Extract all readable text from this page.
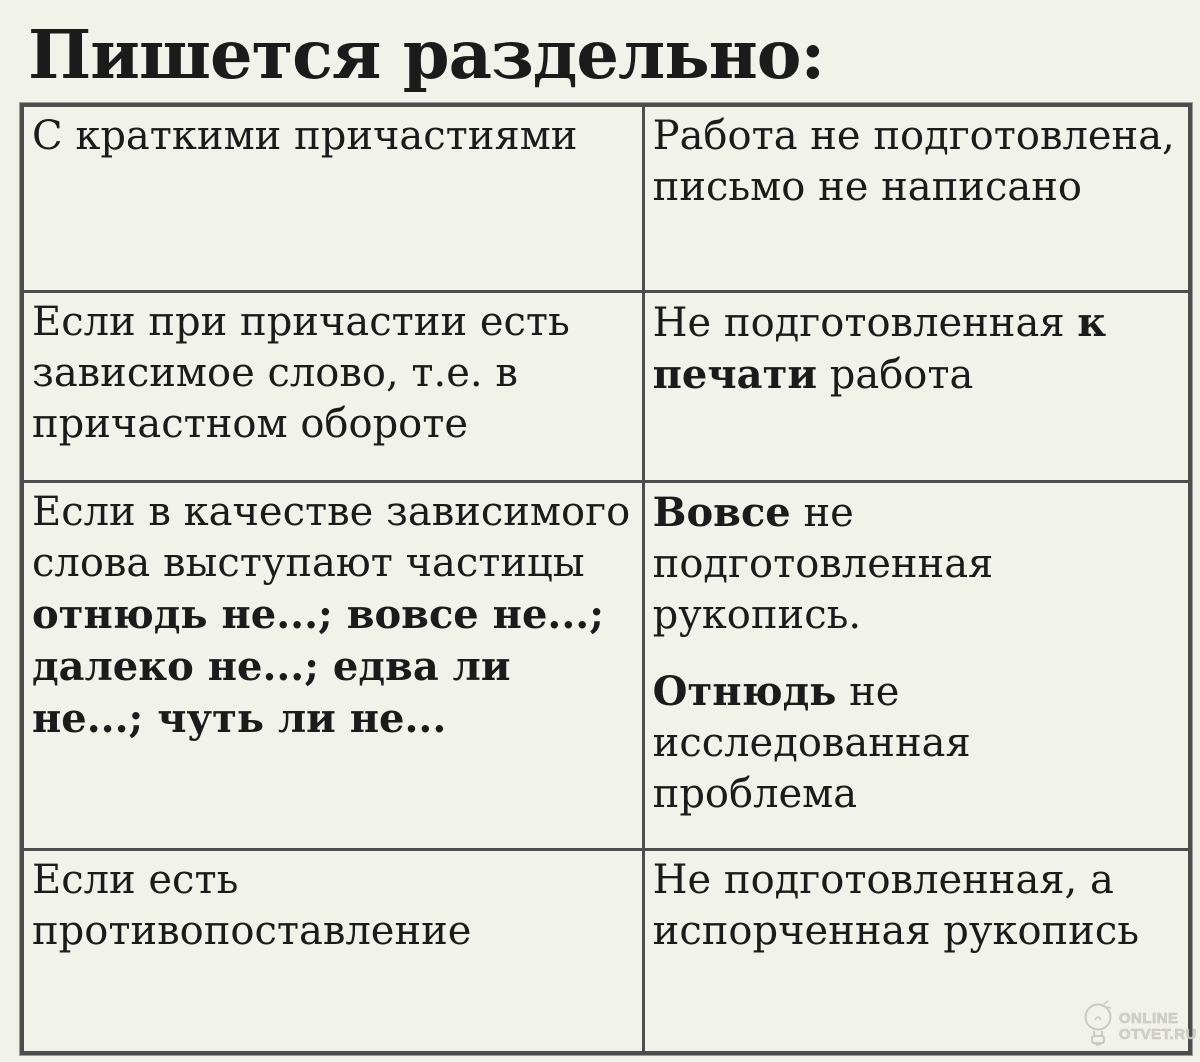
Пишется раздельно:

С краткими причастиями	Работа не подготовлена, письмо не написано

Если при причастии есть зависимое слово, т.е. в причастном обороте	Не подготовленная к печати работа

Если в качестве зависимого слова выступают частицы отнюдь не...; вовсе не...; далеко не...; едва ли не...; чуть ли не...	Вовсе не подготовленная рукопись.

Отнюдь не исследованная проблема

Если есть противопоставление	Не подготовленная, а испорченная рукопись

ONLINE
OTVET.RU
